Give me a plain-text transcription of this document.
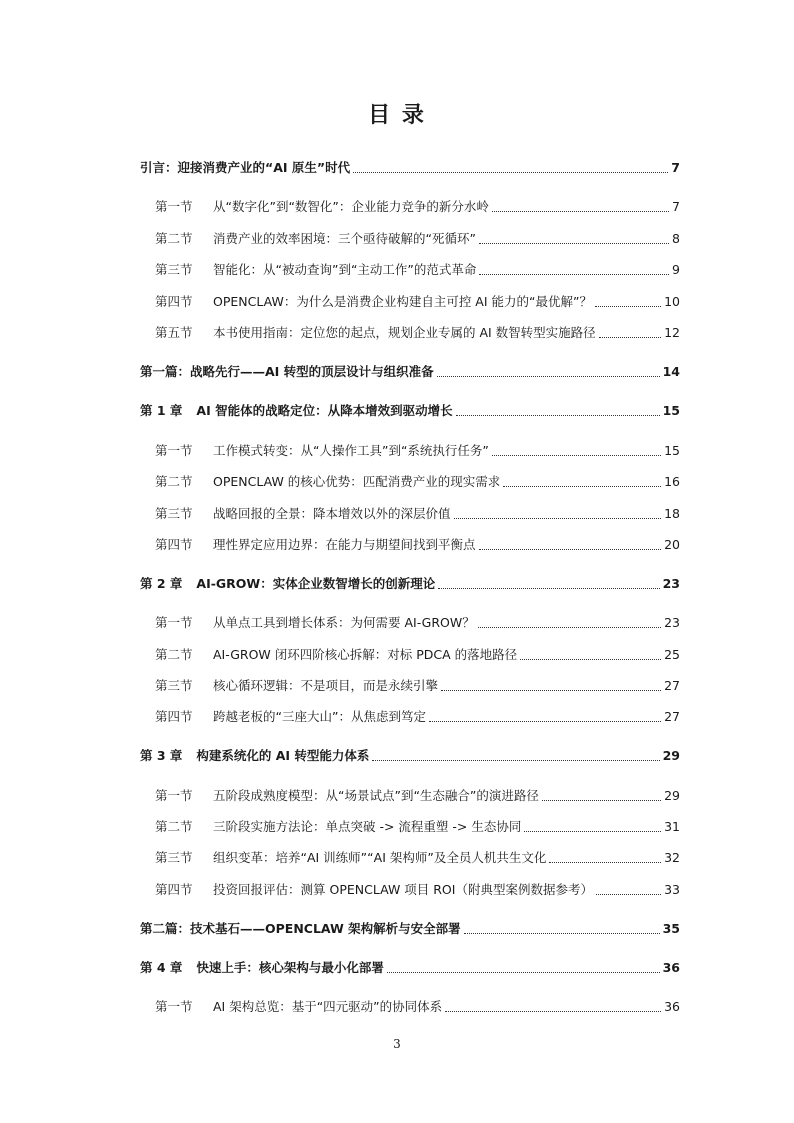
目 录
引言：迎接消费产业的“AI 原生”时代	7
第一节	从“数字化”到“数智化”：企业能力竞争的新分水岭	7
第二节	消费产业的效率困境：三个亟待破解的“死循环”	8
第三节	智能化：从“被动查询”到“主动工作”的范式革命	9
第四节	OPENCLAW：为什么是消费企业构建自主可控 AI 能力的“最优解”？	10
第五节	本书使用指南：定位您的起点，规划企业专属的 AI 数智转型实施路径	12
第一篇：战略先行——AI 转型的顶层设计与组织准备	14
第 1 章	AI 智能体的战略定位：从降本增效到驱动增长	15
第一节	工作模式转变：从“人操作工具”到“系统执行任务”	15
第二节	OPENCLAW 的核心优势：匹配消费产业的现实需求	16
第三节	战略回报的全景：降本增效以外的深层价值	18
第四节	理性界定应用边界：在能力与期望间找到平衡点	20
第 2 章	AI-GROW：实体企业数智增长的创新理论	23
第一节	从单点工具到增长体系：为何需要 AI-GROW？	23
第二节	AI-GROW 闭环四阶核心拆解：对标 PDCA 的落地路径	25
第三节	核心循环逻辑：不是项目，而是永续引擎	27
第四节	跨越老板的“三座大山”：从焦虑到笃定	27
第 3 章	构建系统化的 AI 转型能力体系	29
第一节	五阶段成熟度模型：从“场景试点”到“生态融合”的演进路径	29
第二节	三阶段实施方法论：单点突破 -> 流程重塑 -> 生态协同	31
第三节	组织变革：培养“AI 训练师”“AI 架构师”及全员人机共生文化	32
第四节	投资回报评估：测算 OPENCLAW 项目 ROI（附典型案例数据参考）	33
第二篇：技术基石——OPENCLAW 架构解析与安全部署	35
第 4 章	快速上手：核心架构与最小化部署	36
第一节	AI 架构总览：基于“四元驱动”的协同体系	36
3
